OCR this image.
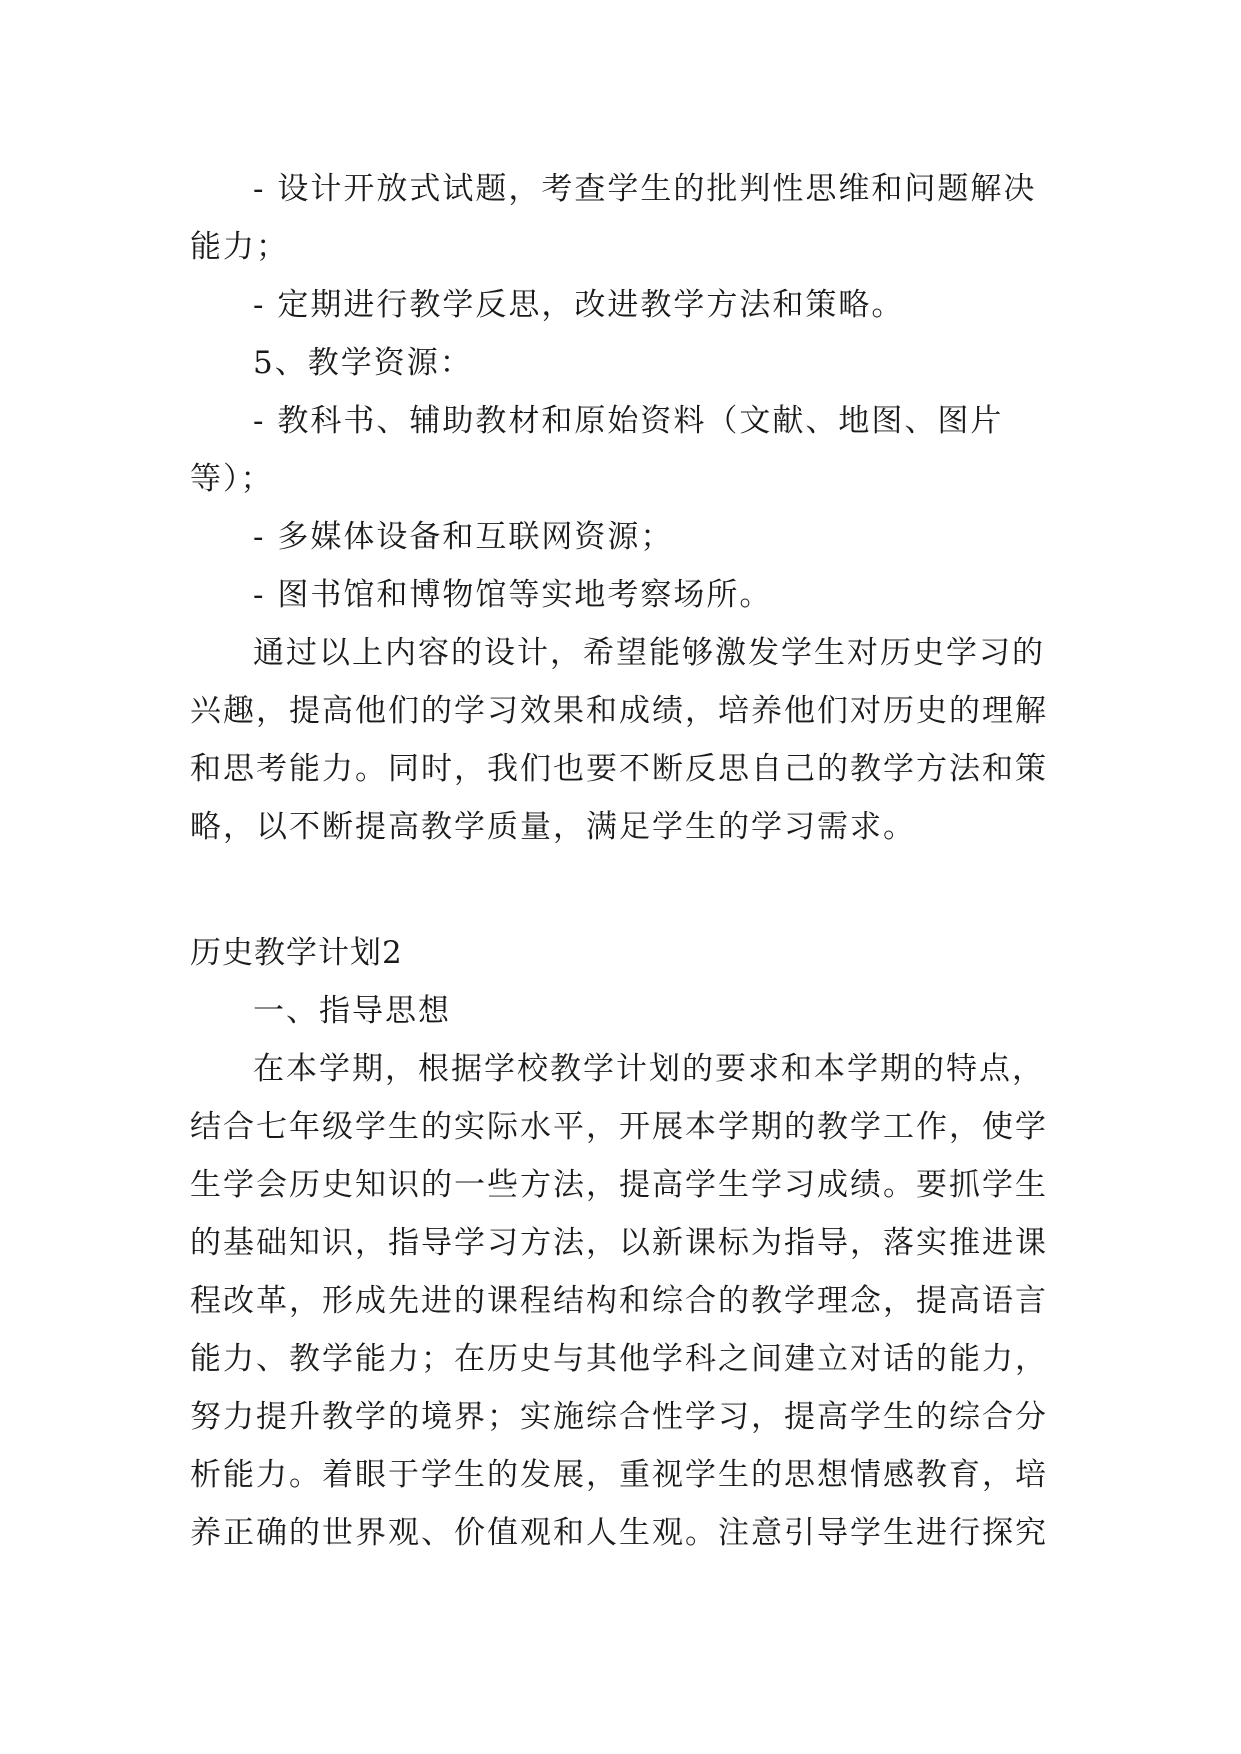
- 设计开放式试题，考查学生的批判性思维和问题解决
能力；
- 定期进行教学反思，改进教学方法和策略。
5、教学资源：
- 教科书、辅助教材和原始资料（文献、地图、图片
等）；
- 多媒体设备和互联网资源；
- 图书馆和博物馆等实地考察场所。
通过以上内容的设计，希望能够激发学生对历史学习的
兴趣，提高他们的学习效果和成绩，培养他们对历史的理解
和思考能力。同时，我们也要不断反思自己的教学方法和策
略，以不断提高教学质量，满足学生的学习需求。
历史教学计划2
一、指导思想
在本学期，根据学校教学计划的要求和本学期的特点，
结合七年级学生的实际水平，开展本学期的教学工作，使学
生学会历史知识的一些方法，提高学生学习成绩。要抓学生
的基础知识，指导学习方法，以新课标为指导，落实推进课
程改革，形成先进的课程结构和综合的教学理念，提高语言
能力、教学能力；在历史与其他学科之间建立对话的能力，
努力提升教学的境界；实施综合性学习，提高学生的综合分
析能力。着眼于学生的发展，重视学生的思想情感教育，培
养正确的世界观、价值观和人生观。注意引导学生进行探究
